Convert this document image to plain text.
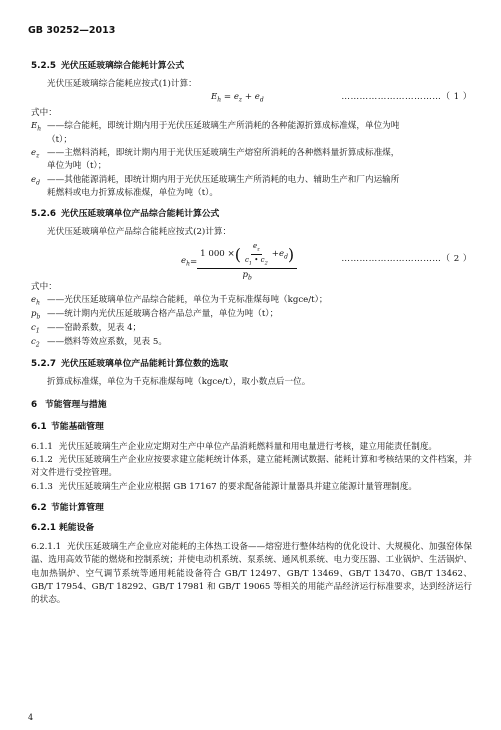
GB 30252—2013
5.2.5 光伏压延玻璃综合能耗计算公式
光伏压延玻璃综合能耗应按式(1)计算：
$E_h = e_z + e_d$	……………………………（ 1 ）
式中：
$E_h$ ——综合能耗，即统计期内用于光伏压延玻璃生产所消耗的各种能源折算成标准煤，单位为吨
（t）；
$e_z$ ——主燃料消耗，即统计期内用于光伏压延玻璃生产熔窑所消耗的各种燃料量折算成标准煤，
单位为吨（t）；
$e_d$ ——其他能源消耗，即统计期内用于光伏压延玻璃生产所消耗的电力、辅助生产和厂内运输所
耗燃料或电力折算成标准煤，单位为吨（t）。
5.2.6 光伏压延玻璃单位产品综合能耗计算公式
光伏压延玻璃单位产品综合能耗应按式(2)计算：
$e_h$ =
1 000 × ( $\frac{e_z}{c_1 • c_2} + e_d$ )
$p_b$
……………………………（ 2 ）
式中：
$e_h$ ——光伏压延玻璃单位产品综合能耗，单位为千克标准煤每吨（kgce/t）；
$p_b$ ——统计期内光伏压延玻璃合格产品总产量，单位为吨（t）；
$c_1$ ——窑龄系数，见表 4；
$c_2$ ——燃料等效应系数，见表 5。
5.2.7 光伏压延玻璃单位产品能耗计算位数的选取
折算成标准煤，单位为千克标准煤每吨（kgce/t），取小数点后一位。
6 节能管理与措施
6.1 节能基础管理
6.1.1 光伏压延玻璃生产企业应定期对生产中单位产品消耗燃料量和用电量进行考核，建立用能责任制度。
6.1.2 光伏压延玻璃生产企业应按要求建立能耗统计体系，建立能耗测试数据、能耗计算和考核结果的文件档案，并对文件进行受控管理。
6.1.3 光伏压延玻璃生产企业应根据 GB 17167 的要求配备能源计量器具并建立能源计量管理制度。
6.2 节能计算管理
6.2.1 耗能设备
6.2.1.1 光伏压延玻璃生产企业应对能耗的主体热工设备——熔窑进行整体结构的优化设计、大规模化、加强窑体保温、选用高效节能的燃烧和控制系统；并使电动机系统、泵系统、通风机系统、电力变压器、工业锅炉、生活锅炉、电加热锅炉、空气调节系统等通用耗能设备符合 GB/T 12497、GB/T 13469、GB/T 13470、GB/T 13462、GB/T 17954、GB/T 18292、GB/T 17981 和 GB/T 19065 等相关的用能产品经济运行标准要求，达到经济运行的状态。
4
